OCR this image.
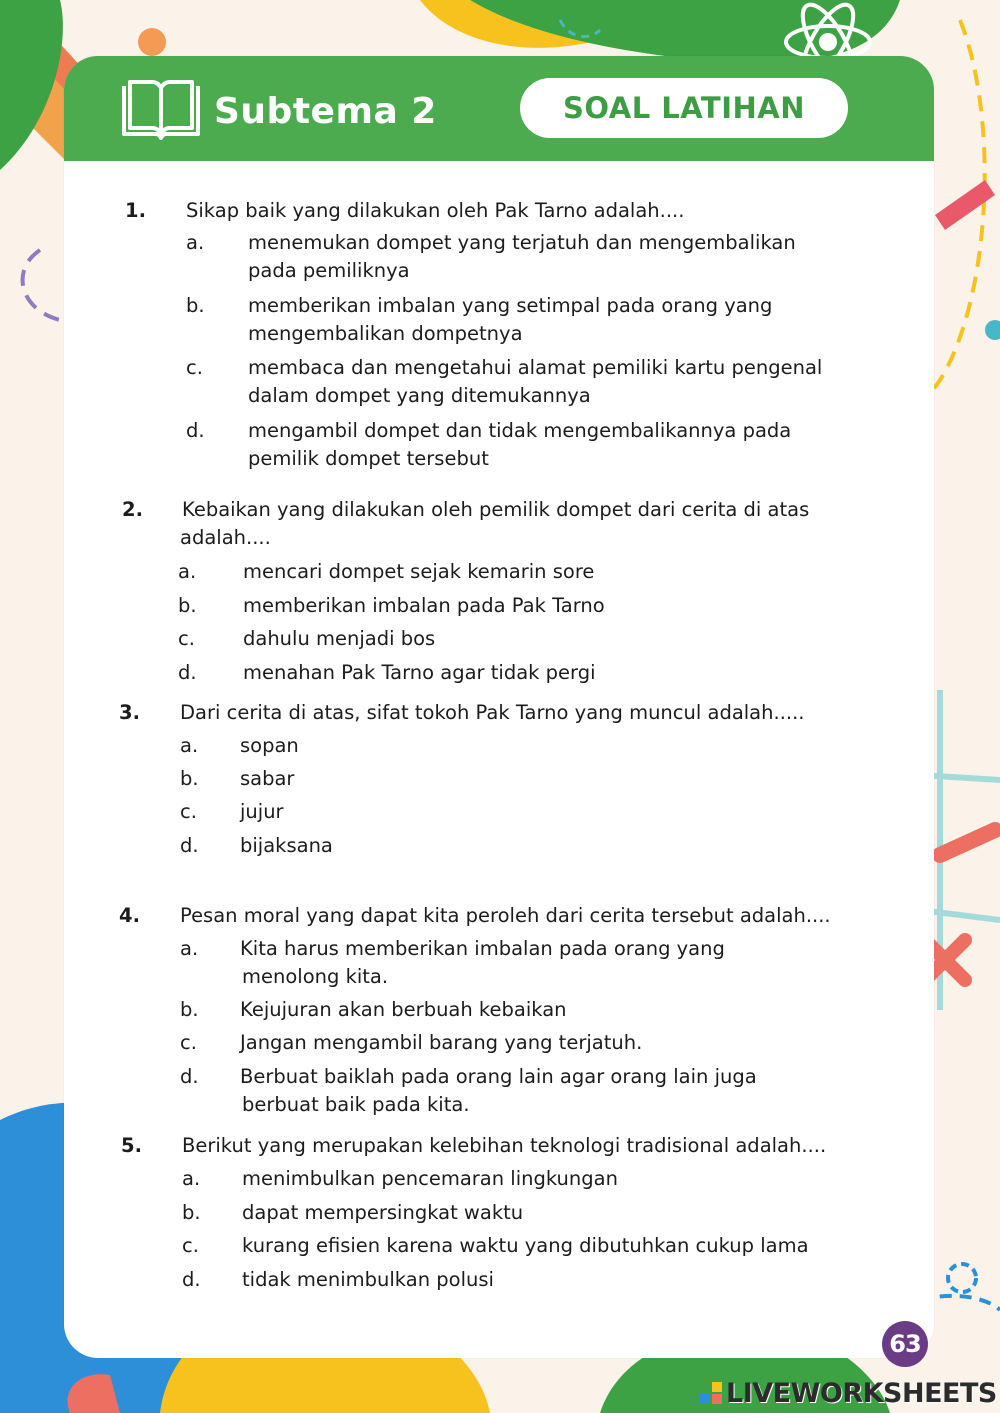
Subtema 2	SOAL LATIHAN
1. Sikap baik yang dilakukan oleh Pak Tarno adalah....
a. menemukan dompet yang terjatuh dan mengembalikan
pada pemiliknya
b. memberikan imbalan yang setimpal pada orang yang
mengembalikan dompetnya
c. membaca dan mengetahui alamat pemiliki kartu pengenal
dalam dompet yang ditemukannya
d. mengambil dompet dan tidak mengembalikannya pada
pemilik dompet tersebut
2. Kebaikan yang dilakukan oleh pemilik dompet dari cerita di atas
adalah....
a. mencari dompet sejak kemarin sore
b. memberikan imbalan pada Pak Tarno
c. dahulu menjadi bos
d. menahan Pak Tarno agar tidak pergi
3. Dari cerita di atas, sifat tokoh Pak Tarno yang muncul adalah.....
a. sopan
b. sabar
c. jujur
d. bijaksana
4. Pesan moral yang dapat kita peroleh dari cerita tersebut adalah....
a. Kita harus memberikan imbalan pada orang yang
menolong kita.
b. Kejujuran akan berbuah kebaikan
c. Jangan mengambil barang yang terjatuh.
d. Berbuat baiklah pada orang lain agar orang lain juga
berbuat baik pada kita.
5. Berikut yang merupakan kelebihan teknologi tradisional adalah....
a. menimbulkan pencemaran lingkungan
b. dapat mempersingkat waktu
c. kurang efisien karena waktu yang dibutuhkan cukup lama
d. tidak menimbulkan polusi
63
LIVEWORKSHEETS
